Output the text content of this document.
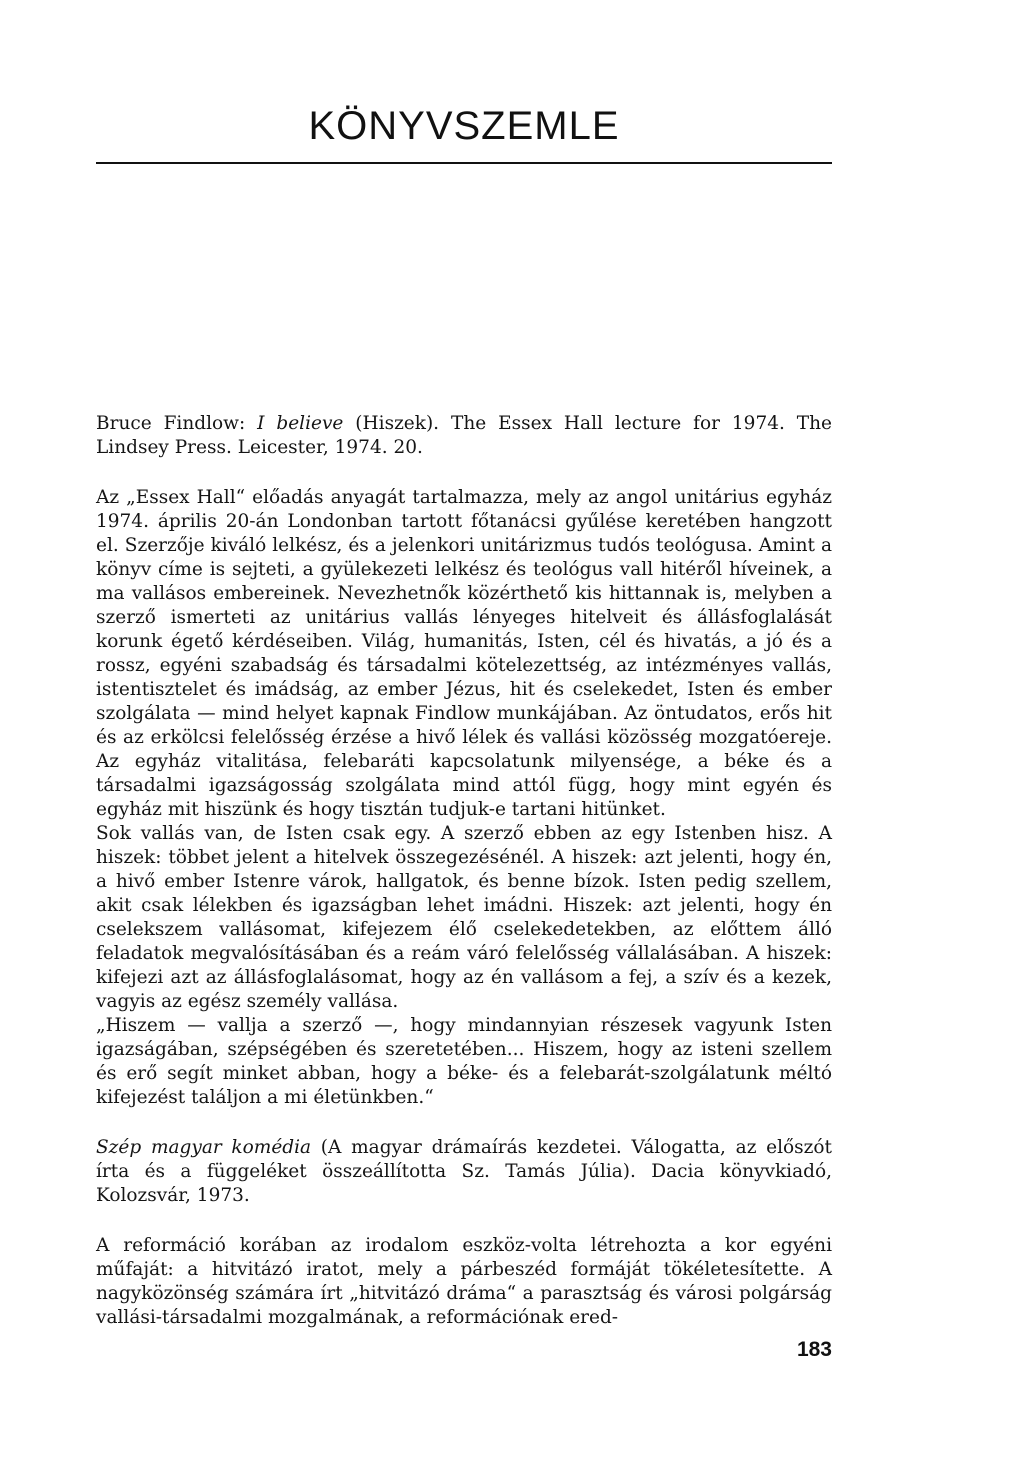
KÖNYVSZEMLE

Bruce Findlow: I believe (Hiszek). The Essex Hall lecture for 1974. The Lindsey Press. Leicester, 1974. 20.

Az „Essex Hall“ előadás anyagát tartalmazza, mely az angol unitárius egyház 1974. április 20-án Londonban tartott főtanácsi gyűlése keretében hangzott el. Szerzője kiváló lelkész, és a jelenkori unitárizmus tudós teológusa. Amint a könyv címe is sejteti, a gyülekezeti lelkész és teológus vall hitéről híveinek, a ma vallásos embereinek. Nevezhetnők közérthető kis hittannak is, melyben a szerző ismerteti az unitárius vallás lényeges hitelveit és állásfoglalását korunk égető kérdéseiben. Világ, humanitás, Isten, cél és hivatás, a jó és a rossz, egyéni szabadság és társadalmi kötelezettség, az intézményes vallás, istentisztelet és imádság, az ember Jézus, hit és cselekedet, Isten és ember szolgálata — mind helyet kapnak Findlow munkájában. Az öntudatos, erős hit és az erkölcsi felelősség érzése a hivő lélek és vallási közösség mozgatóereje. Az egyház vitalitása, felebaráti kapcsolatunk milyensége, a béke és a társadalmi igazságosság szolgálata mind attól függ, hogy mint egyén és egyház mit hiszünk és hogy tisztán tudjuk-e tartani hitünket.

Sok vallás van, de Isten csak egy. A szerző ebben az egy Istenben hisz. A hiszek: többet jelent a hitelvek összegezésénél. A hiszek: azt jelenti, hogy én, a hivő ember Istenre várok, hallgatok, és benne bízok. Isten pedig szellem, akit csak lélekben és igazságban lehet imádni. Hiszek: azt jelenti, hogy én cselekszem vallásomat, kifejezem élő cselekedetekben, az előttem álló feladatok megvalósításában és a reám váró felelősség vállalásában. A hiszek: kifejezi azt az állásfoglalásomat, hogy az én vallásom a fej, a szív és a kezek, vagyis az egész személy vallása.

„Hiszem — vallja a szerző —, hogy mindannyian részesek vagyunk Isten igazságában, szépségében és szeretetében... Hiszem, hogy az isteni szellem és erő segít minket abban, hogy a béke- és a felebarát-szolgálatunk méltó kifejezést találjon a mi életünkben.“

Szép magyar komédia (A magyar drámaírás kezdetei. Válogatta, az előszót írta és a függeléket összeállította Sz. Tamás Júlia). Dacia könyvkiadó, Kolozsvár, 1973.

A reformáció korában az irodalom eszköz-volta létrehozta a kor egyéni műfaját: a hitvitázó iratot, mely a párbeszéd formáját tökéletesítette. A nagyközönség számára írt „hitvitázó dráma“ a parasztság és városi polgárság vallási-társadalmi mozgalmának, a reformációnak ered-

183
